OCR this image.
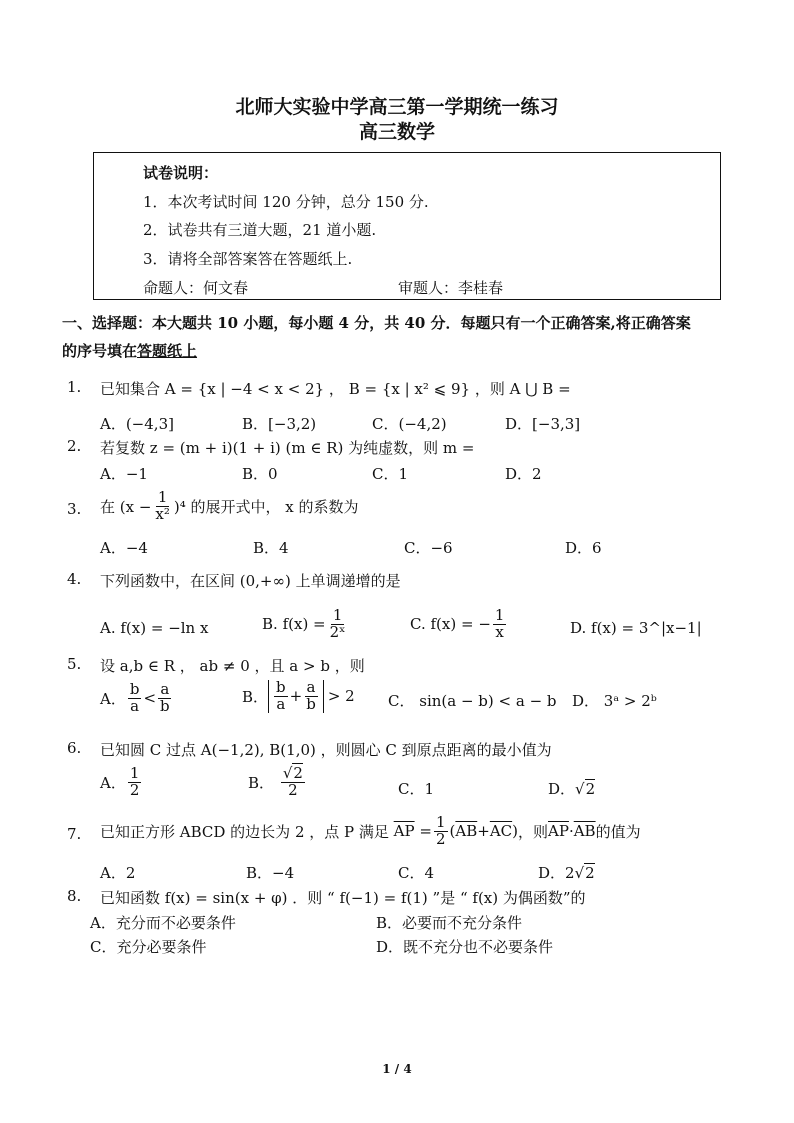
北师大实验中学高三第一学期统一练习
高三数学
试卷说明：
1．本次考试时间 120 分钟，总分 150 分.
2．试卷共有三道大题，21 道小题.
3．请将全部答案答在答题纸上.
命题人：何文春	审题人：李桂春
一、选择题：本大题共 10 小题，每小题 4 分，共 40 分．每题只有一个正确答案,将正确答案
的序号填在答题纸上
1. 已知集合 A = {x | −4 < x < 2} ， B = {x | x² ⩽ 9} ，则 A ⋃ B =
A．(−4,3]	B．[−3,2)	C．(−4,2)	D．[−3,3]
2. 若复数 z = (m + i)(1 + i) (m ∈ R) 为纯虚数，则 m =
A．−1	B．0	C．1	D．2
3. 在 $(x - \frac{1}{\text{x²}} )^4$ 的展开式中， x 的系数为
A．−4	B．4	C．−6	D．6
4. 下列函数中，在区间 (0,+∞) 上单调递增的是
A. f(x) = −ln x	B.
$f(x) = \frac{1}{\text{2ˣ}}$	C.
f(x) = − $\frac{1}{x}$	D. f(x) = 3^|x−1|
5. 设 a,b ∈ R ， ab ≠ 0 ，且 a > b ，则
A． $\frac{b}{a} < \frac{a}{b}$	B． $\frac{b}{a} + \frac{a}{b} > 2$ C． sin(a − b) < a − b D． 3ᵃ > 2ᵇ
6. 已知圆 C 过点 A(−1,2), B(1,0) ，则圆心 C 到原点距离的最小值为
A． $\frac{1}{2}$	B．
$\frac{√2}{2}$	C．1	D．√2
7. 已知正方形 ABCD 的边长为 2 ，点 P 满足
$\overline{AP}$
= $\frac{1}{2}$ ( $\overline{AB} + \overline{AC}$ ) ，则 $\overline{AP} \cdot \overline{AB}$ 的值为
A．2	B．−4	C．4	D．2√2
8. 已知函数 f(x) = sin(x + φ) ．则 “ f(−1) = f(1) ”是 “ f(x) 为偶函数”的
A．充分而不必要条件	B．必要而不充分条件
C．充分必要条件	D．既不充分也不必要条件
1 / 4
